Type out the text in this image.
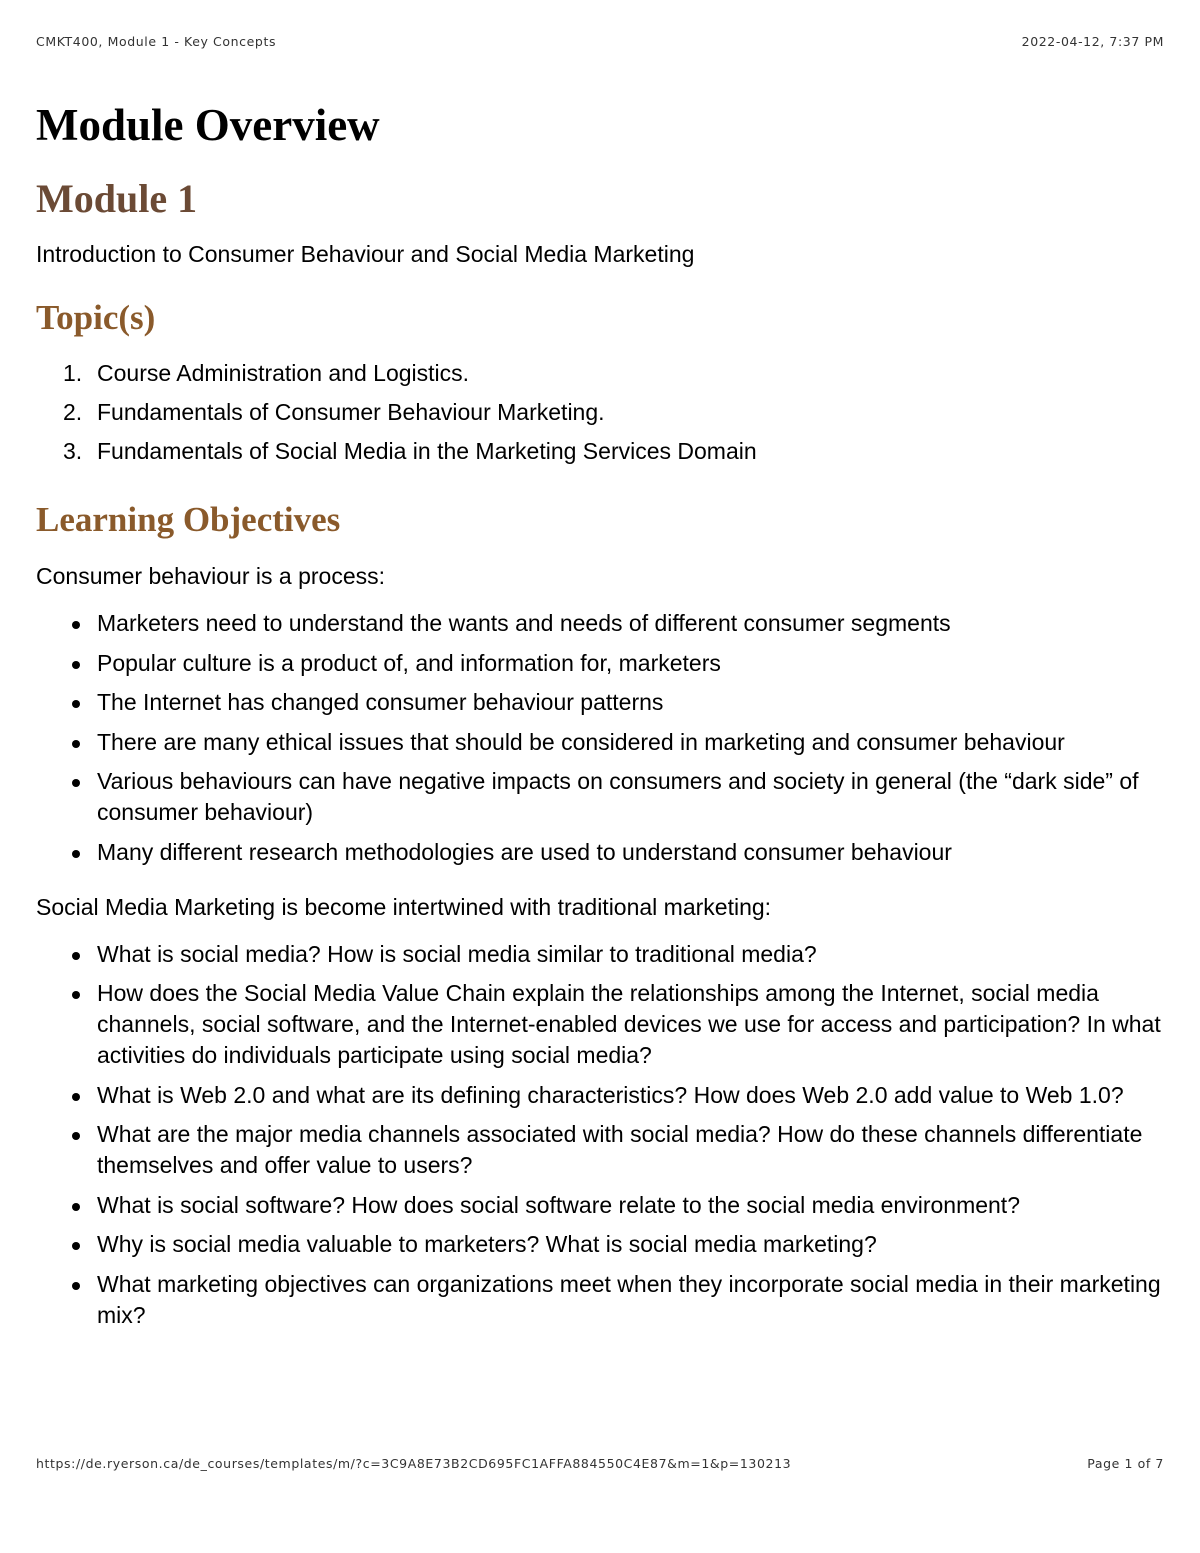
CMKT400, Module 1 - Key Concepts	2022-04-12, 7:37 PM
Module Overview
Module 1

Introduction to Consumer Behaviour and Social Media Marketing

Topic(s)
1. Course Administration and Logistics.
2. Fundamentals of Consumer Behaviour Marketing.
3. Fundamentals of Social Media in the Marketing Services Domain
Learning Objectives

Consumer behaviour is a process:

Marketers need to understand the wants and needs of different consumer segments
Popular culture is a product of, and information for, marketers
The Internet has changed consumer behaviour patterns
There are many ethical issues that should be considered in marketing and consumer behaviour
Various behaviours can have negative impacts on consumers and society in general (the “dark side” of consumer behaviour)
Many different research methodologies are used to understand consumer behaviour

Social Media Marketing is become intertwined with traditional marketing:

What is social media? How is social media similar to traditional media?
How does the Social Media Value Chain explain the relationships among the Internet, social media channels, social software, and the Internet-enabled devices we use for access and participation? In what activities do individuals participate using social media?
What is Web 2.0 and what are its defining characteristics? How does Web 2.0 add value to Web 1.0?
What are the major media channels associated with social media? How do these channels differentiate themselves and offer value to users?
What is social software? How does social software relate to the social media environment?
Why is social media valuable to marketers? What is social media marketing?
What marketing objectives can organizations meet when they incorporate social media in their marketing mix?
https://de.ryerson.ca/de_courses/templates/m/?c=3C9A8E73B2CD695FC1AFFA884550C4E87&m=1&p=130213	Page 1 of 7
